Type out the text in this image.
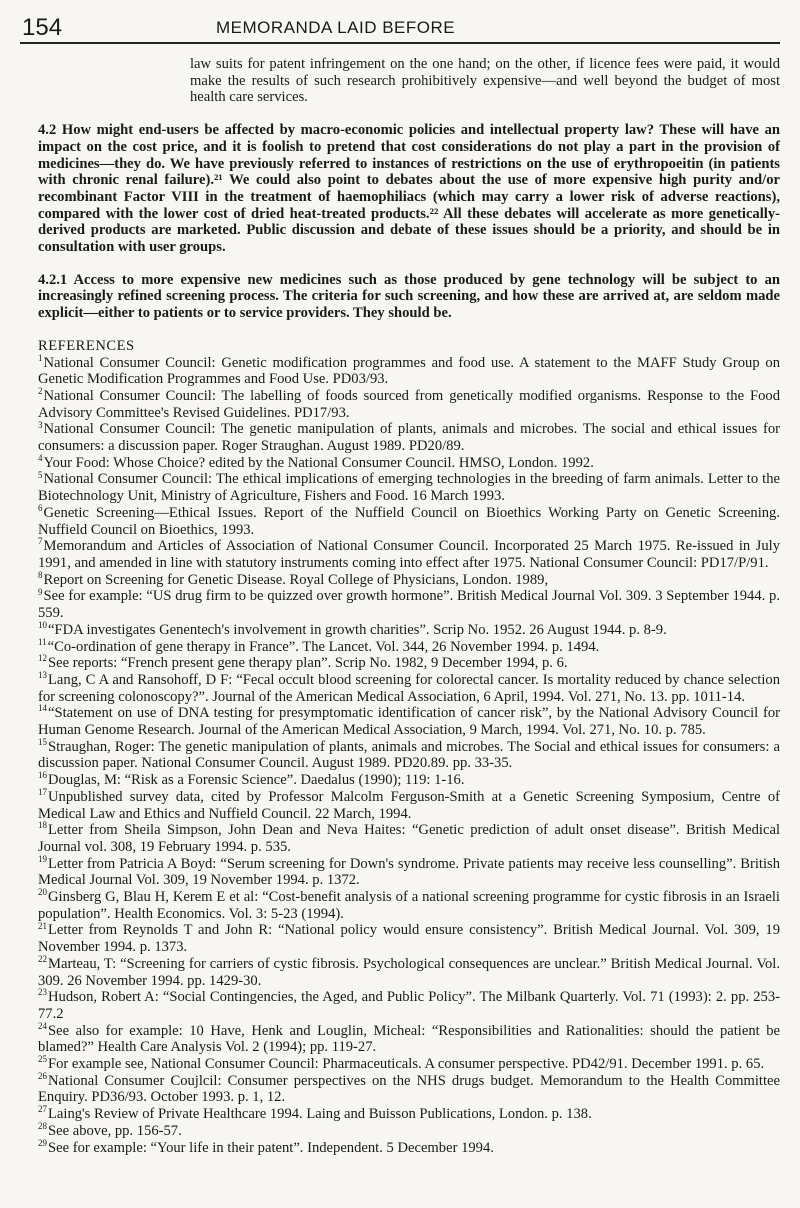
154	MEMORANDA LAID BEFORE

law suits for patent infringement on the one hand; on the other, if licence fees were paid, it would make the results of such research prohibitively expensive—and well beyond the budget of most health care services.

4.2 How might end-users be affected by macro-economic policies and intellectual property law? These will have an impact on the cost price, and it is foolish to pretend that cost considerations do not play a part in the provision of medicines—they do. We have previously referred to instances of restrictions on the use of erythropoeitin (in patients with chronic renal failure).²¹ We could also point to debates about the use of more expensive high purity and/or recombinant Factor VIII in the treatment of haemophiliacs (which may carry a lower risk of adverse reactions), compared with the lower cost of dried heat-treated products.²² All these debates will accelerate as more genetically-derived products are marketed. Public discussion and debate of these issues should be a priority, and should be in consultation with user groups.

4.2.1 Access to more expensive new medicines such as those produced by gene technology will be subject to an increasingly refined screening process. The criteria for such screening, and how these are arrived at, are seldom made explicit—either to patients or to service providers. They should be.

REFERENCES
$^1$National Consumer Council: Genetic modification programmes and food use. A statement to the MAFF Study Group on Genetic Modification Programmes and Food Use. PD03/93.
$^2$National Consumer Council: The labelling of foods sourced from genetically modified organisms. Response to the Food Advisory Committee's Revised Guidelines. PD17/93.
$^3$National Consumer Council: The genetic manipulation of plants, animals and microbes. The social and ethical issues for consumers: a discussion paper. Roger Straughan. August 1989. PD20/89.
$^4$Your Food: Whose Choice? edited by the National Consumer Council. HMSO, London. 1992.
$^5$National Consumer Council: The ethical implications of emerging technologies in the breeding of farm animals. Letter to the Biotechnology Unit, Ministry of Agriculture, Fishers and Food. 16 March 1993.
$^6$Genetic Screening—Ethical Issues. Report of the Nuffield Council on Bioethics Working Party on Genetic Screening. Nuffield Council on Bioethics, 1993.
$^7$Memorandum and Articles of Association of National Consumer Council. Incorporated 25 March 1975. Re-issued in July 1991, and amended in line with statutory instruments coming into effect after 1975. National Consumer Council: PD17/P/91.
$^8$Report on Screening for Genetic Disease. Royal College of Physicians, London. 1989,
$^9$See for example: “US drug firm to be quizzed over growth hormone”. British Medical Journal Vol. 309. 3 September 1944. p. 559.
$^{10}$“FDA investigates Genentech's involvement in growth charities”. Scrip No. 1952. 26 August 1944. p. 8-9.
$^{11}$“Co-ordination of gene therapy in France”. The Lancet. Vol. 344, 26 November 1994. p. 1494.
$^{12}$See reports: “French present gene therapy plan”. Scrip No. 1982, 9 December 1994, p. 6.
$^{13}$Lang, C A and Ransohoff, D F: “Fecal occult blood screening for colorectal cancer. Is mortality reduced by chance selection for screening colonoscopy?”. Journal of the American Medical Association, 6 April, 1994. Vol. 271, No. 13. pp. 1011-14.
$^{14}$“Statement on use of DNA testing for presymptomatic identification of cancer risk”, by the National Advisory Council for Human Genome Research. Journal of the American Medical Association, 9 March, 1994. Vol. 271, No. 10. p. 785.
$^{15}$Straughan, Roger: The genetic manipulation of plants, animals and microbes. The Social and ethical issues for consumers: a discussion paper. National Consumer Council. August 1989. PD20.89. pp. 33-35.
$^{16}$Douglas, M: “Risk as a Forensic Science”. Daedalus (1990); 119: 1-16.
$^{17}$Unpublished survey data, cited by Professor Malcolm Ferguson-Smith at a Genetic Screening Symposium, Centre of Medical Law and Ethics and Nuffield Council. 22 March, 1994.
$^{18}$Letter from Sheila Simpson, John Dean and Neva Haites: “Genetic prediction of adult onset disease”. British Medical Journal vol. 308, 19 February 1994. p. 535.
$^{19}$Letter from Patricia A Boyd: “Serum screening for Down's syndrome. Private patients may receive less counselling”. British Medical Journal Vol. 309, 19 November 1994. p. 1372.
$^{20}$Ginsberg G, Blau H, Kerem E et al: “Cost-benefit analysis of a national screening programme for cystic fibrosis in an Israeli population”. Health Economics. Vol. 3: 5-23 (1994).
$^{21}$Letter from Reynolds T and John R: “National policy would ensure consistency”. British Medical Journal. Vol. 309, 19 November 1994. p. 1373.
$^{22}$Marteau, T: “Screening for carriers of cystic fibrosis. Psychological consequences are unclear.” British Medical Journal. Vol. 309. 26 November 1994. pp. 1429-30.
$^{23}$Hudson, Robert A: “Social Contingencies, the Aged, and Public Policy”. The Milbank Quarterly. Vol. 71 (1993): 2. pp. 253-77.2
$^{24}$See also for example: 10 Have, Henk and Louglin, Micheal: “Responsibilities and Rationalities: should the patient be blamed?” Health Care Analysis Vol. 2 (1994); pp. 119-27.
$^{25}$For example see, National Consumer Council: Pharmaceuticals. A consumer perspective. PD42/91. December 1991. p. 65.
$^{26}$National Consumer Coujlcil: Consumer perspectives on the NHS drugs budget. Memorandum to the Health Committee Enquiry. PD36/93. October 1993. p. 1, 12.
$^{27}$Laing's Review of Private Healthcare 1994. Laing and Buisson Publications, London. p. 138.
$^{28}$See above, pp. 156-57.
$^{29}$See for example: “Your life in their patent”. Independent. 5 December 1994.
